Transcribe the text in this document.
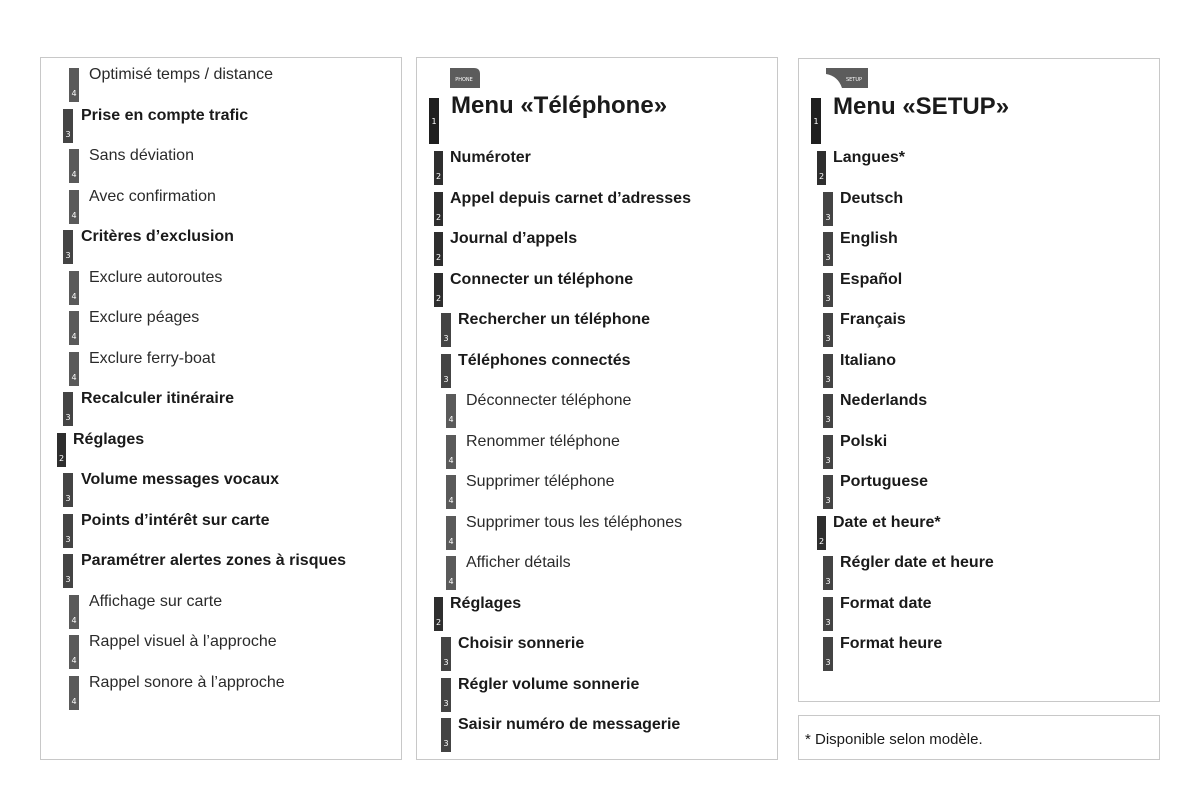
4
Optimisé temps / distance
3
Prise en compte trafic
4
Sans déviation
4
Avec confirmation
3
Critères d’exclusion
4
Exclure autoroutes
4
Exclure péages
4
Exclure ferry-boat
3
Recalculer itinéraire
2
Réglages
3
Volume messages vocaux
3
Points d’intérêt sur carte
3
Paramétrer alertes zones à risques
4
Affichage sur carte
4
Rappel visuel à l’approche
4
Rappel sonore à l’approche
PHONE
1
Menu «Téléphone»
2
Numéroter
2
Appel depuis carnet d’adresses
2
Journal d’appels
2
Connecter un téléphone
3
Rechercher un téléphone
3
Téléphones connectés
4
Déconnecter téléphone
4
Renommer téléphone
4
Supprimer téléphone
4
Supprimer tous les téléphones
4
Afficher détails
2
Réglages
3
Choisir sonnerie
3
Régler volume sonnerie
3
Saisir numéro de messagerie
SETUP
1
Menu «SETUP»
2
Langues*
3
Deutsch
3
English
3
Español
3
Français
3
Italiano
3
Nederlands
3
Polski
3
Portuguese
2
Date et heure*
3
Régler date et heure
3
Format date
3
Format heure
* Disponible selon modèle.
